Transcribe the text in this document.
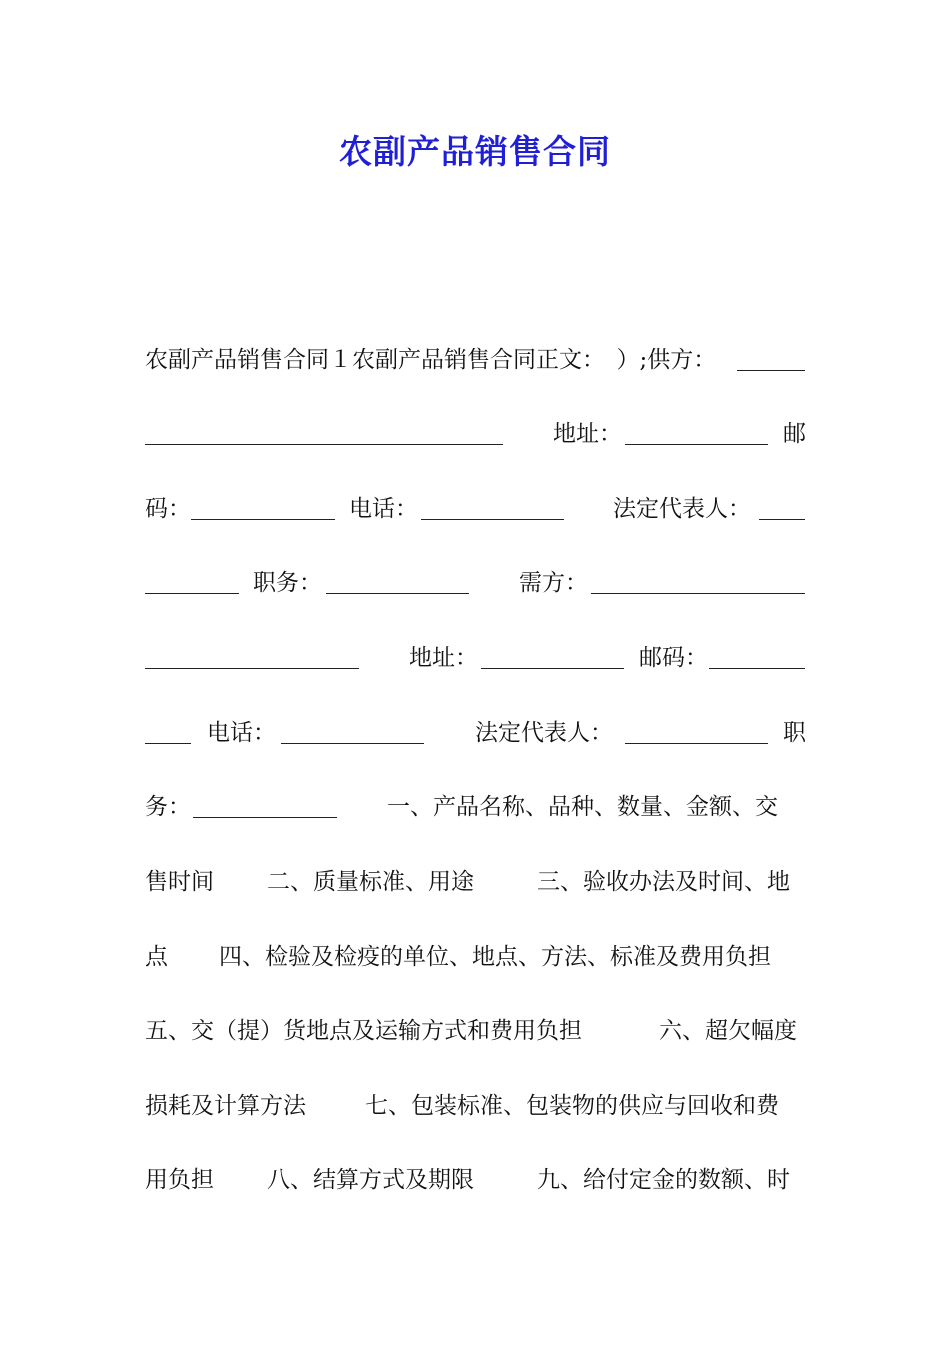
农副产品销售合同

农副产品销售合同１农副产品销售合同正文：　）;供方：

地址：

	邮

码：

	电话：

	法定代表人：

职务：

	需方：

地址：

	邮码：

电话：

	法定代表人：

	职

务：

	一、产品名称、品种、数量、金额、交

售时间

二、质量标准、用途

	三、验收办法及时间、地

点

四、检验及检疫的单位、地点、方法、标准及费用负担

五、交（提）货地点及运输方式和费用负担

	六、超欠幅度

损耗及计算方法

	七、包装标准、包装物的供应与回收和费

用负担

八、结算方式及期限

	九、给付定金的数额、时
